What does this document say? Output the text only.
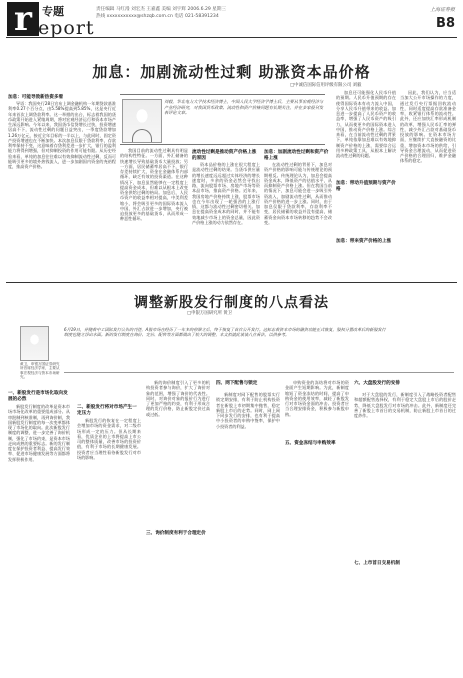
r 专题
eport
责任编辑 马红漫 刘宏杰 王嘉鑫 美编 刘宇辉 2006.6.29 星期三
热线 xxxxxxxxxxx@shzqb.com.cn 电话 021-58391234
上海证券报
B8
加息：加剧流动性过剩 助涨资本品价格
□中诚信国际信用评级有限公司 刘毅
刘毅，华北电力大学技术经济博士，中国人民大学经济学博士后，主要从事宏观经济与产业经济研究，对我国货币政策、流动性和资产价格问题有长期关注，并在多家报刊发表评论文章。
加息：可能导致新热资多看

导语：我国央行28日宣布上调金融机构一年期贷款基准利率0.27个百分点，由5.58%提高到5.85%，这是央行近年来首次上调贷款利率。这一举措的出台，标志着我国的货币政策开始进入紧缩周期，将对宏观经济运行和资本市场产生深远影响。今年以来，我国货币信贷增长过快，投资增速居高不下，流动性过剩的问题日益突出，一季度贷款增加1.26万亿元，接近全年目标的一半以上，与此同时，固定资产投资增速也在不断加快。本次加息仅限于贷款利率，存款利率保持不变，这意味着存贷利差进一步扩大，银行的盈利能力将得到增强，但对抑制投资的作用可能有限。从历史经验来看，单纯的加息往往难以有效抑制流动性过剩，反而可能吸引更多的境外热钱流入，进一步加剧国内资金的充裕程度，推高资产价格。

我国目前的流动性过剩具有明显的结构性特征。一方面，外汇储备的快速增长导致基础货币大量投放；另一方面，居民储蓄率居高不下，银行存差持续扩大，资金在金融体系内部循环，缺乏有效的投资渠道。在这种情况下，加息虽然能够在一定程度上提高资金成本，但难以从根本上改变资金供给过剩的格局。加息后，人民币资产的收益率相对提高，中美利差缩小，将会吸引更多的国际资本流入中国，外汇占款进一步增加，央行被迫投放更多的基础货币，从而形成一种恶性循环。

流动性过剩是推动资产价格上涨的原因

资本品价格的上涨在很大程度上是流动性过剩的结果。当货币供应量的增长速度远远超过实体经济的增长速度时，多余的资金必然会寻找出路，流向股票市场、房地产市场等资本品市场，推高资产价格。近年来，我国房地产价格持续上涨，股票市场也在今年出现了一轮强劲的上涨行情，这都与流动性过剩密切相关。加息在提高资金成本的同时，并不能有效地减少市场上的资金总量，因此资产价格上涨的动力依然存在。

加息：加剧流动性过剩和资产价格上涨

在流动性过剩的背景下，加息对资产价格的影响可能与传统理论的预期相反。传统理论认为，加息会提高资金成本，降低资产的估值水平，从而抑制资产价格上涨。但在我国当前的情况下，加息可能会进一步吸引外资流入，加剧流动性过剩，从而推动资产价格的进一步上涨。同时，由于加息仅限于贷款利率，存款利率不变，居民储蓄的收益并没有提高，储蓄资金向资本市场转移的趋势不会改变。

加息还可能强化人民币升值的预期。人民币升值预期的存在使得国际资本有动力流入中国，分享人民币升值带来的收益。加息进一步提高了人民币资产的收益率，增强了人民币资产的吸引力，从而使更多的国际资本进入中国，推动资产价格上涨。综合来看，在当前流动性过剩的背景下，单纯依靠加息难以有效地抑制资产价格的上涨，需要综合运用多种政策工具，从根本上解决流动性过剩的问题。

加息：带动升值预期与资产价格
加息：带来资产价格的上涨

因此，我们认为，应当适当加大公开市场操作的力度，通过发行央行票据回收流动性，同时适度提高存款准备金率，收紧银行体系的流动性。此外，还应加快汇率形成机制的改革，增强人民币汇率的弹性，减少外汇占款对基础货币投放的影响。在资本市场方面，应继续扩大直接融资的比重，增加资本市场的供给，引导资金合理流动，从而促进资产价格的合理回归，维护金融体系的稳定。

调整新股发行制度的八点看法
□申银万国研究所 黄卫
黄卫，申银万国证券研究所首席经济学家，主要从事宏观经济与资本市场研究。
6月19日，伴随着中工国际发行公告的刊登，A股市场在经历了一年多的停滞之后，终于恢复了首次公开发行。这标志着资本市场的融资功能正式恢复，股权分置改革后的新股发行制度也随之浮出水面。新的发行制度在询价、定价、配售等方面都做出了较大的调整，本文拟就此谈谈八点看法，以供参考。
一、新股发行是市场化取向发展的必然

新股发行制度的改革是资本市场市场化改革的重要组成部分。从审批制到核准制，再到询价制，我国新股发行制度的每一次变革都体现了市场化的取向。此次新股发行制度的调整，进一步完善了询价机制，强化了市场约束，是资本市场走向成熟的重要标志。新的发行制度在保护投资者利益、提高发行效率、促进市场健康发展等方面都将发挥积极作用。

二、新股发行将对市场产生一定压力

新股发行的恢复在一定程度上会增加市场的资金需求，对二级市场形成一定的压力。但从长期来看，优质企业的上市将提高上市公司的整体质量，改善市场的投资价值，有利于市场的长期健康发展。投资者应当理性看待新股发行对市场的影响。

三、询价制度有利于合理定价

新的询价制度引入了更多的机构投资者参与询价，扩大了询价对象的范围，增强了询价的代表性。同时，对询价对象的报价行为进行了更加严格的约束，有利于形成合理的发行价格，防止新股定价过高或过低。

四、网下配售与锁定

新制度对网下配售的股票实行锁定期安排，有利于防止机构投资者在新股上市初期集中抛售，稳定新股上市后的走势。同时，网上网下同步发行的安排，也有利于提高中小投资者的申购中签率，保护中小投资者的利益。

五、资金冻结与申购效率

申购资金的冻结将对市场的资金面产生短期影响。为此，新制度缩短了资金冻结的时间，提高了申购资金的使用效率，减轻了新股发行对市场资金面的冲击。投资者应当合理安排资金，积极参与新股申购。

六、大盘股发行的安排
七、上市首日交易机制

对于大盘股的发行，新制度引入了战略投资者配售和超额配售选择权，有利于稳定大盘股上市后的股价走势，降低大盘股发行对市场的冲击。此外，新制度还完善了新股上市首日的交易机制，防止新股上市首日的过度炒作。
